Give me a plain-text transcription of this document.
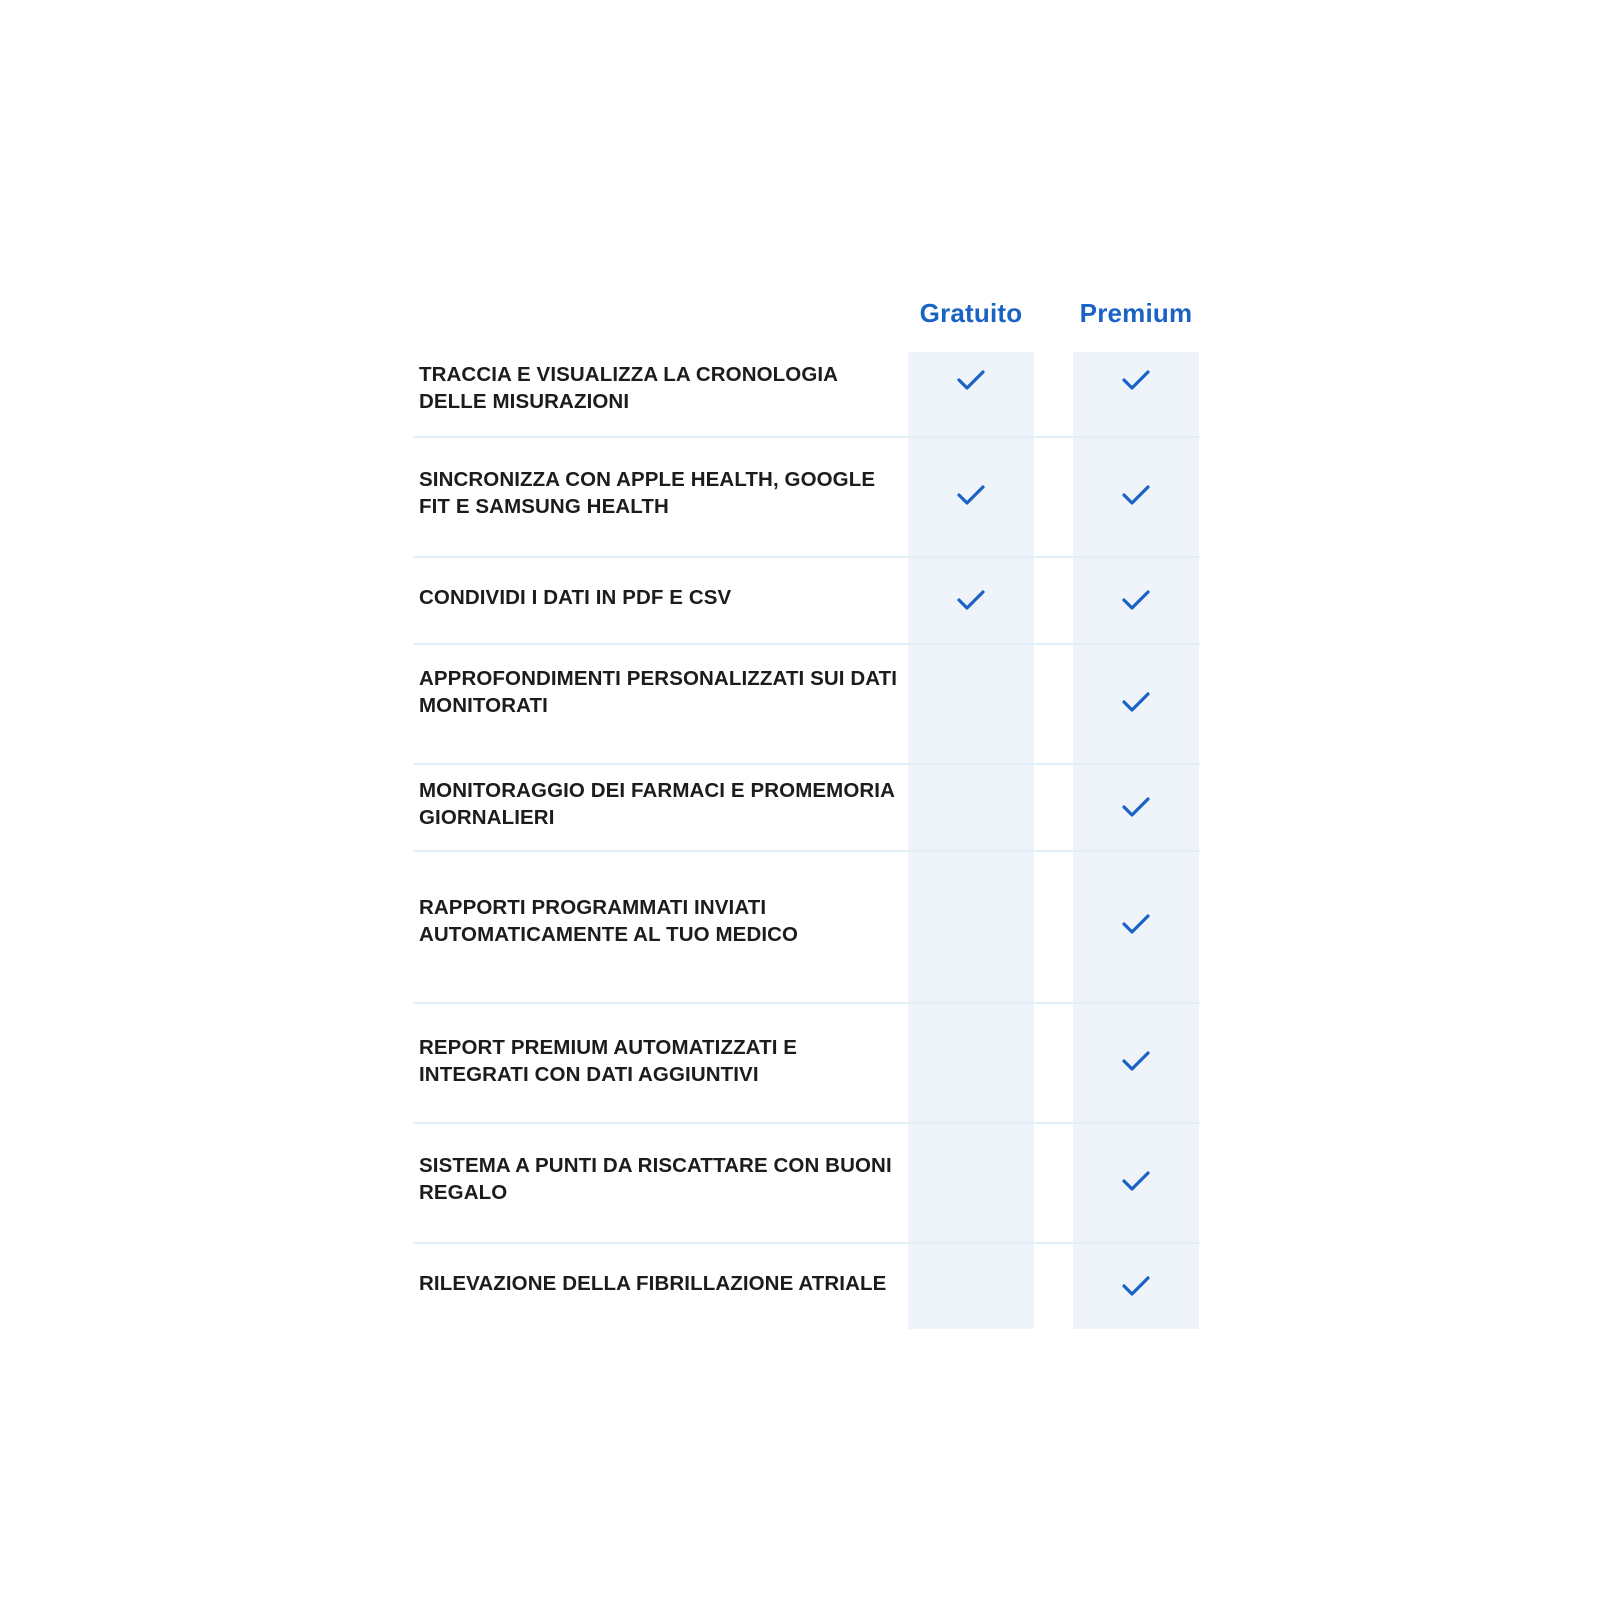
Gratuito	Premium
TRACCIA E VISUALIZZA LA CRONOLOGIA DELLE MISURAZIONI
SINCRONIZZA CON APPLE HEALTH, GOOGLE FIT E SAMSUNG HEALTH
CONDIVIDI I DATI IN PDF E CSV
APPROFONDIMENTI PERSONALIZZATI SUI DATI MONITORATI
MONITORAGGIO DEI FARMACI E PROMEMORIA GIORNALIERI
RAPPORTI PROGRAMMATI INVIATI AUTOMATICAMENTE AL TUO MEDICO
REPORT PREMIUM AUTOMATIZZATI E INTEGRATI CON DATI AGGIUNTIVI
SISTEMA A PUNTI DA RISCATTARE CON BUONI REGALO
RILEVAZIONE DELLA FIBRILLAZIONE ATRIALE
